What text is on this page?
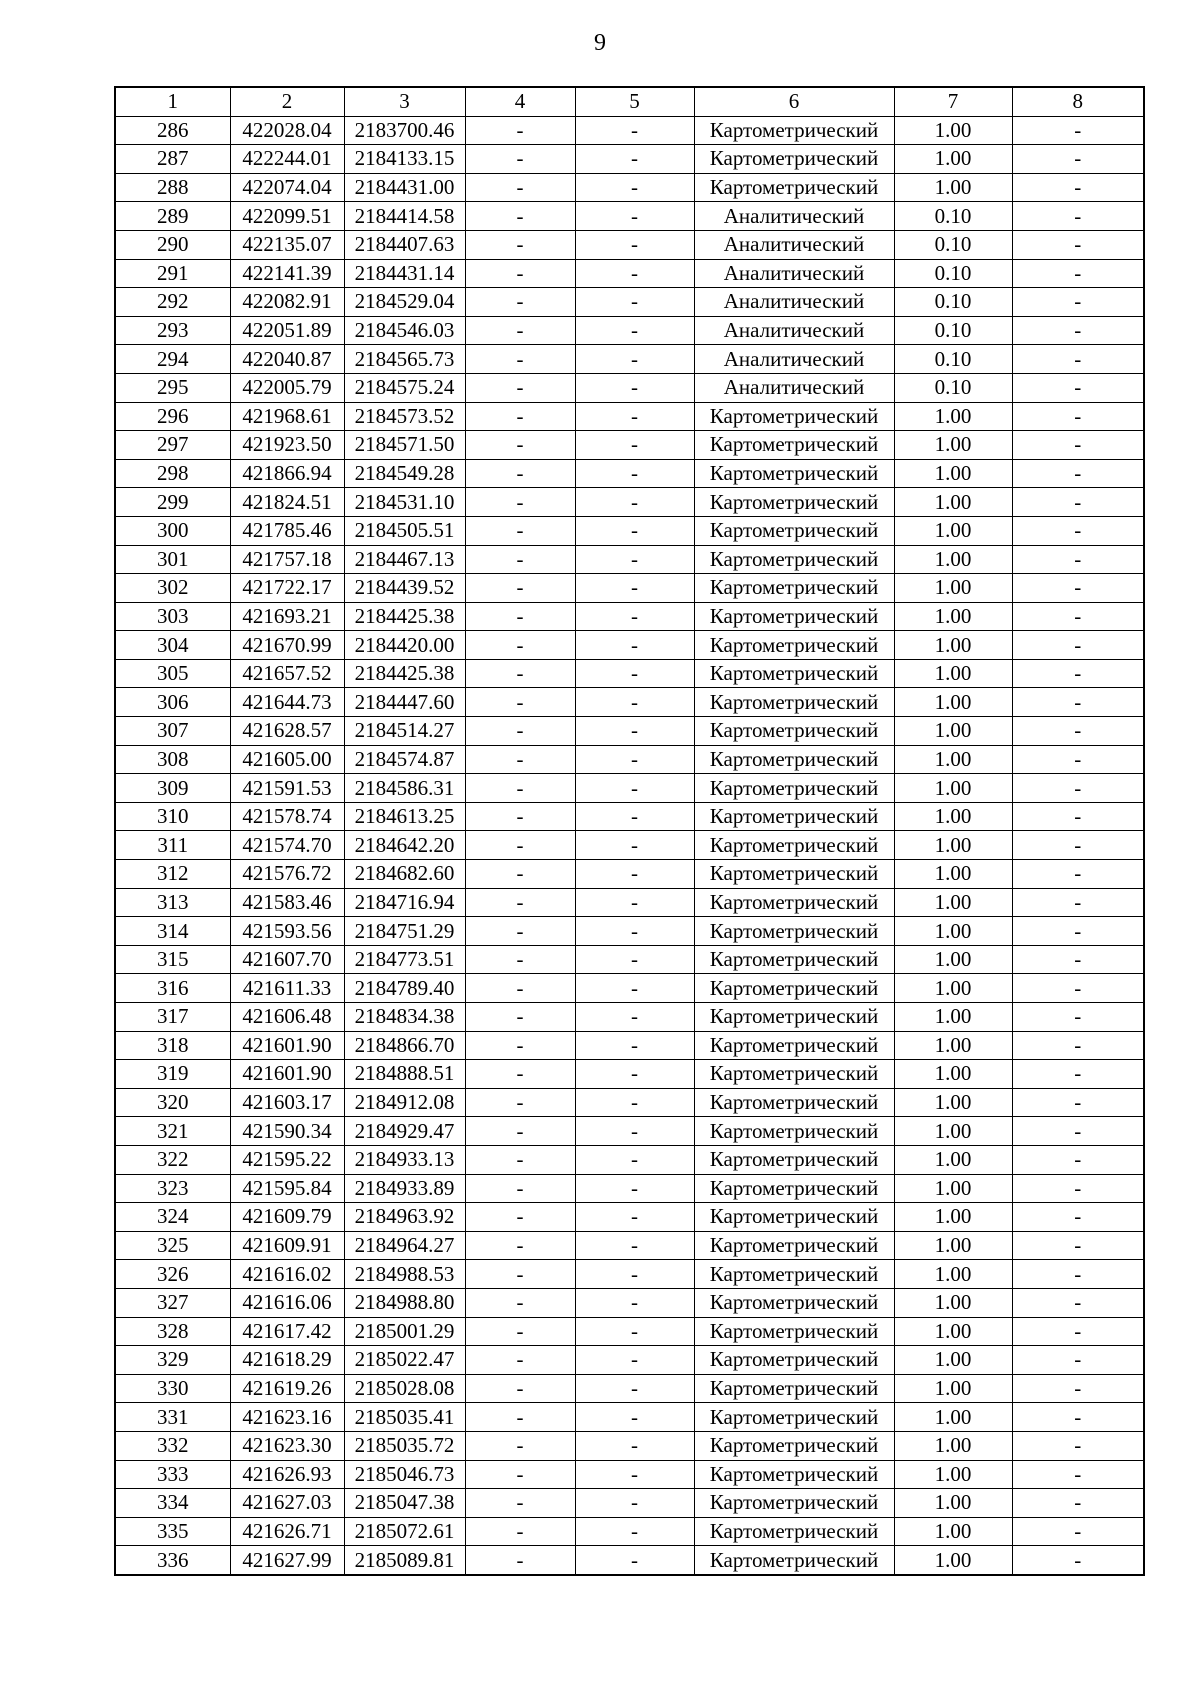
9
1	2	3	4	5	6	7	8
286	422028.04	2183700.46	-	-	Картометрический	1.00	-
287	422244.01	2184133.15	-	-	Картометрический	1.00	-
288	422074.04	2184431.00	-	-	Картометрический	1.00	-
289	422099.51	2184414.58	-	-	Аналитический	0.10	-
290	422135.07	2184407.63	-	-	Аналитический	0.10	-
291	422141.39	2184431.14	-	-	Аналитический	0.10	-
292	422082.91	2184529.04	-	-	Аналитический	0.10	-
293	422051.89	2184546.03	-	-	Аналитический	0.10	-
294	422040.87	2184565.73	-	-	Аналитический	0.10	-
295	422005.79	2184575.24	-	-	Аналитический	0.10	-
296	421968.61	2184573.52	-	-	Картометрический	1.00	-
297	421923.50	2184571.50	-	-	Картометрический	1.00	-
298	421866.94	2184549.28	-	-	Картометрический	1.00	-
299	421824.51	2184531.10	-	-	Картометрический	1.00	-
300	421785.46	2184505.51	-	-	Картометрический	1.00	-
301	421757.18	2184467.13	-	-	Картометрический	1.00	-
302	421722.17	2184439.52	-	-	Картометрический	1.00	-
303	421693.21	2184425.38	-	-	Картометрический	1.00	-
304	421670.99	2184420.00	-	-	Картометрический	1.00	-
305	421657.52	2184425.38	-	-	Картометрический	1.00	-
306	421644.73	2184447.60	-	-	Картометрический	1.00	-
307	421628.57	2184514.27	-	-	Картометрический	1.00	-
308	421605.00	2184574.87	-	-	Картометрический	1.00	-
309	421591.53	2184586.31	-	-	Картометрический	1.00	-
310	421578.74	2184613.25	-	-	Картометрический	1.00	-
311	421574.70	2184642.20	-	-	Картометрический	1.00	-
312	421576.72	2184682.60	-	-	Картометрический	1.00	-
313	421583.46	2184716.94	-	-	Картометрический	1.00	-
314	421593.56	2184751.29	-	-	Картометрический	1.00	-
315	421607.70	2184773.51	-	-	Картометрический	1.00	-
316	421611.33	2184789.40	-	-	Картометрический	1.00	-
317	421606.48	2184834.38	-	-	Картометрический	1.00	-
318	421601.90	2184866.70	-	-	Картометрический	1.00	-
319	421601.90	2184888.51	-	-	Картометрический	1.00	-
320	421603.17	2184912.08	-	-	Картометрический	1.00	-
321	421590.34	2184929.47	-	-	Картометрический	1.00	-
322	421595.22	2184933.13	-	-	Картометрический	1.00	-
323	421595.84	2184933.89	-	-	Картометрический	1.00	-
324	421609.79	2184963.92	-	-	Картометрический	1.00	-
325	421609.91	2184964.27	-	-	Картометрический	1.00	-
326	421616.02	2184988.53	-	-	Картометрический	1.00	-
327	421616.06	2184988.80	-	-	Картометрический	1.00	-
328	421617.42	2185001.29	-	-	Картометрический	1.00	-
329	421618.29	2185022.47	-	-	Картометрический	1.00	-
330	421619.26	2185028.08	-	-	Картометрический	1.00	-
331	421623.16	2185035.41	-	-	Картометрический	1.00	-
332	421623.30	2185035.72	-	-	Картометрический	1.00	-
333	421626.93	2185046.73	-	-	Картометрический	1.00	-
334	421627.03	2185047.38	-	-	Картометрический	1.00	-
335	421626.71	2185072.61	-	-	Картометрический	1.00	-
336	421627.99	2185089.81	-	-	Картометрический	1.00	-
